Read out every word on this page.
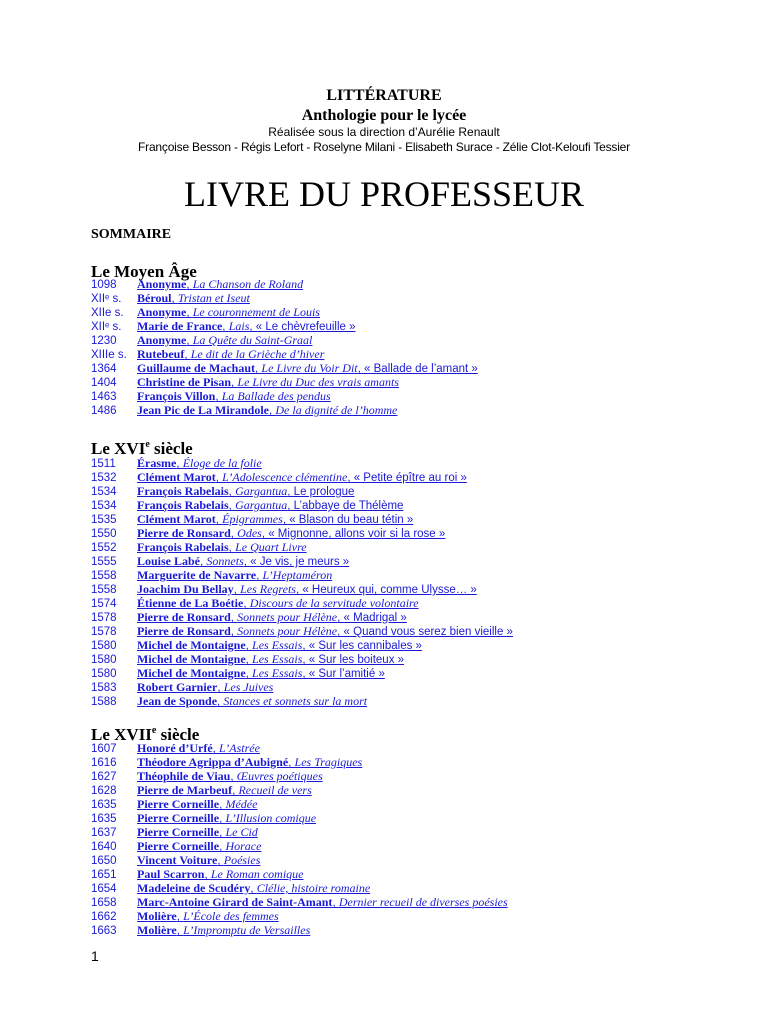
LITTÉRATURE
Anthologie pour le lycée
Réalisée sous la direction d’Aurélie Renault
Françoise Besson - Régis Lefort - Roselyne Milani - Elisabeth Surace - Zélie Clot-Keloufi Tessier
LIVRE DU PROFESSEUR
SOMMAIRE
Le Moyen Âge
1098 Anonyme, La Chanson de Roland
XIIᵉ s. Béroul, Tristan et Iseut
XIIe s. Anonyme, Le couronnement de Louis
XIIᵉ s. Marie de France, Lais, « Le chèvrefeuille »
1230 Anonyme, La Quête du Saint-Graal
XIIIe s. Rutebeuf, Le dit de la Grièche d’hiver
1364 Guillaume de Machaut, Le Livre du Voir Dit, « Ballade de l’amant »
1404 Christine de Pisan, Le Livre du Duc des vrais amants
1463 François Villon, La Ballade des pendus
1486 Jean Pic de La Mirandole, De la dignité de l’homme
Le XVIe siècle
1511 Érasme, Éloge de la folie
1532 Clément Marot, L’Adolescence clémentine, « Petite épître au roi »
1534 François Rabelais, Gargantua, Le prologue
1534 François Rabelais, Gargantua, L’abbaye de Thélème
1535 Clément Marot, Épigrammes, « Blason du beau tétin »
1550 Pierre de Ronsard, Odes, « Mignonne, allons voir si la rose »
1552 François Rabelais, Le Quart Livre
1555 Louise Labé, Sonnets, « Je vis, je meurs »
1558 Marguerite de Navarre, L’Heptaméron
1558 Joachim Du Bellay, Les Regrets, « Heureux qui, comme Ulysse… »
1574 Étienne de La Boétie, Discours de la servitude volontaire
1578 Pierre de Ronsard, Sonnets pour Hélène, « Madrigal »
1578 Pierre de Ronsard, Sonnets pour Hélène, « Quand vous serez bien vieille »
1580 Michel de Montaigne, Les Essais, « Sur les cannibales »
1580 Michel de Montaigne, Les Essais, « Sur les boiteux »
1580 Michel de Montaigne, Les Essais, « Sur l’amitié »
1583 Robert Garnier, Les Juives
1588 Jean de Sponde, Stances et sonnets sur la mort
Le XVIIe siècle
1607 Honoré d’Urfé, L’Astrée
1616 Théodore Agrippa d’Aubigné, Les Tragiques
1627 Théophile de Viau, Œuvres poétiques
1628 Pierre de Marbeuf, Recueil de vers
1635 Pierre Corneille, Médée
1635 Pierre Corneille, L’Illusion comique
1637 Pierre Corneille, Le Cid
1640 Pierre Corneille, Horace
1650 Vincent Voiture, Poésies
1651 Paul Scarron, Le Roman comique
1654 Madeleine de Scudéry, Clélie, histoire romaine
1658 Marc-Antoine Girard de Saint-Amant, Dernier recueil de diverses poésies
1662 Molière, L’École des femmes
1663 Molière, L’Impromptu de Versailles
1
